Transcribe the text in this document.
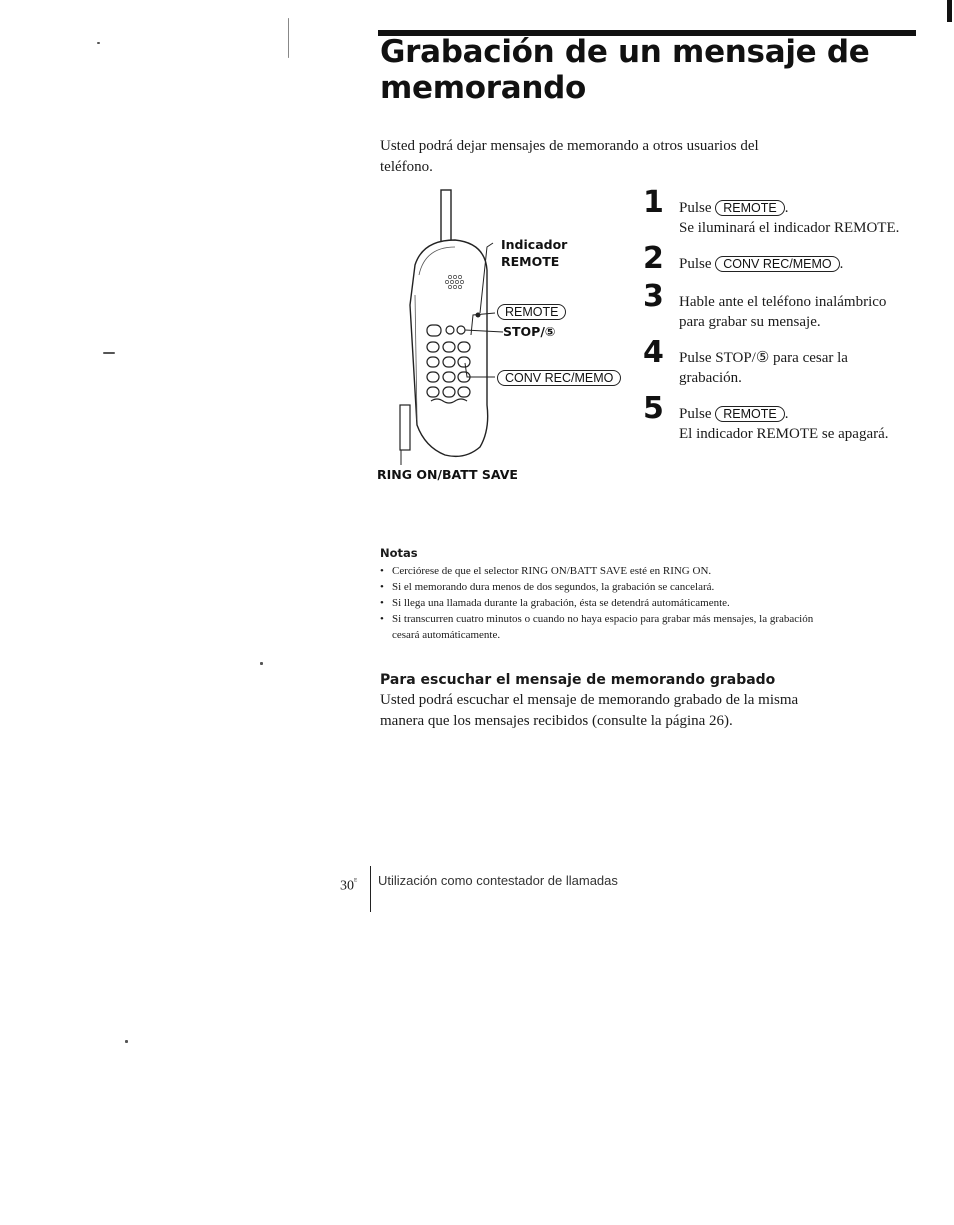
Grabación de un mensaje de memorando
Usted podrá dejar mensajes de memorando a otros usuarios del teléfono.
Indicador
REMOTE
REMOTE
STOP/⑤
CONV REC/MEMO
RING ON/BATT SAVE
1	Pulse REMOTE .
Se iluminará el indicador REMOTE.
2	Pulse CONV REC/MEMO .
3	Hable ante el teléfono inalámbrico para grabar su mensaje.
4	Pulse STOP/⑤ para cesar la grabación.
5	Pulse REMOTE .
El indicador REMOTE se apagará.
Notas
• Cerciórese de que el selector RING ON/BATT SAVE esté en RING ON.
• Si el memorando dura menos de dos segundos, la grabación se cancelará.
• Si llega una llamada durante la grabación, ésta se detendrá automáticamente.
• Si transcurren cuatro minutos o cuando no haya espacio para grabar más mensajes, la grabación cesará automáticamente.
Para escuchar el mensaje de memorando grabado
Usted podrá escuchar el mensaje de memorando grabado de la misma manera que los mensajes recibidos (consulte la página 26).
$30^ᴱ$ Utilización como contestador de llamadas
